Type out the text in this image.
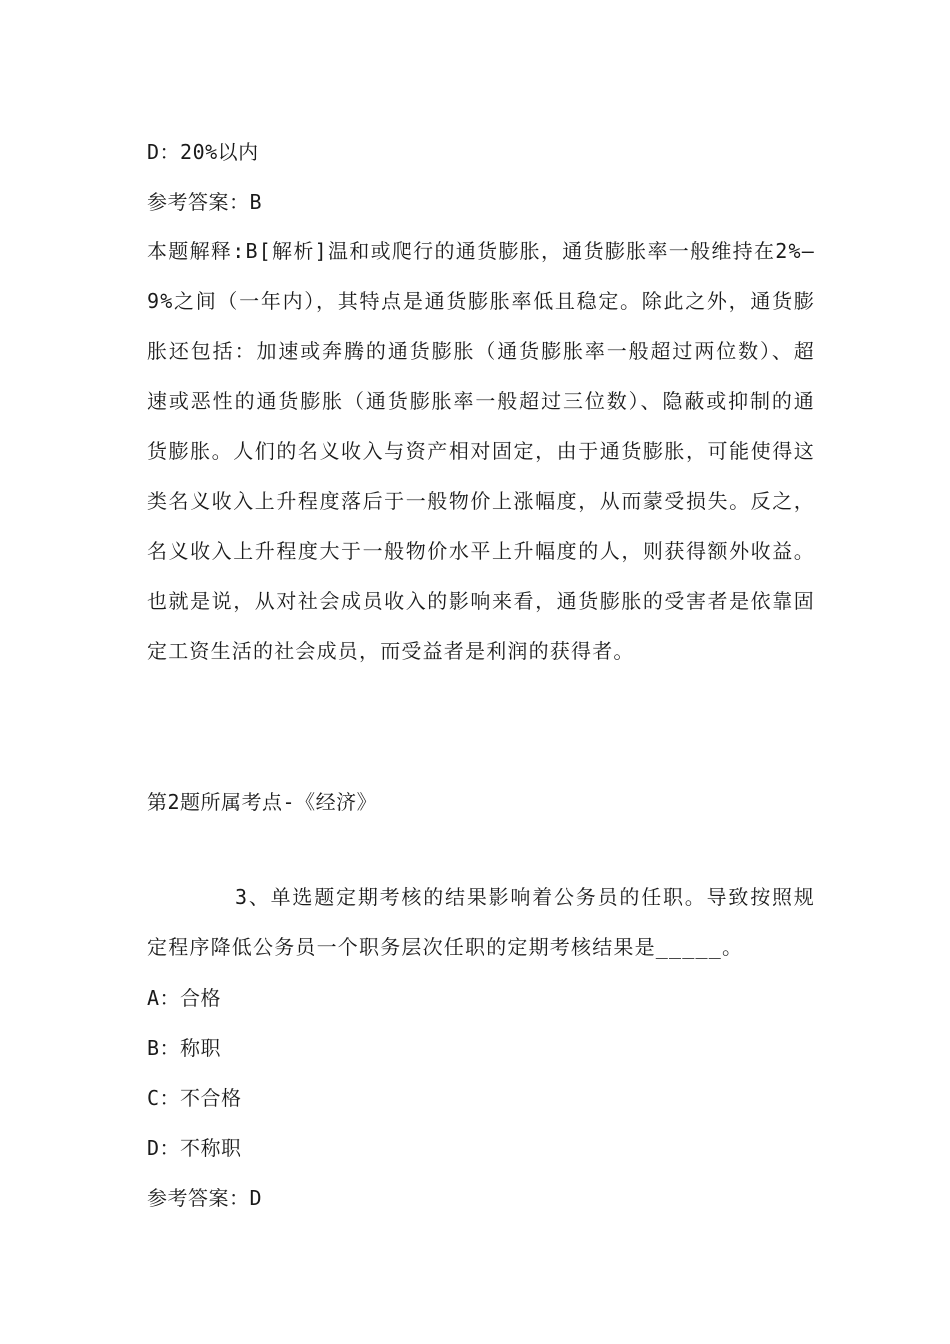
D：20%以内
参考答案：B
本题解释:B[解析]温和或爬行的通货膨胀，通货膨胀率一般维持在2%—9%之间（一年内），其特点是通货膨胀率低且稳定。除此之外，通货膨胀还包括：加速或奔腾的通货膨胀（通货膨胀率一般超过两位数）、超速或恶性的通货膨胀（通货膨胀率一般超过三位数）、隐蔽或抑制的通货膨胀。人们的名义收入与资产相对固定，由于通货膨胀，可能使得这类名义收入上升程度落后于一般物价上涨幅度，从而蒙受损失。反之，名义收入上升程度大于一般物价水平上升幅度的人，则获得额外收益。也就是说，从对社会成员收入的影响来看，通货膨胀的受害者是依靠固定工资生活的社会成员，而受益者是利润的获得者。
第2题所属考点-《经济》
3、单选题定期考核的结果影响着公务员的任职。导致按照规定程序降低公务员一个职务层次任职的定期考核结果是_____。
A：合格
B：称职
C：不合格
D：不称职
参考答案：D
